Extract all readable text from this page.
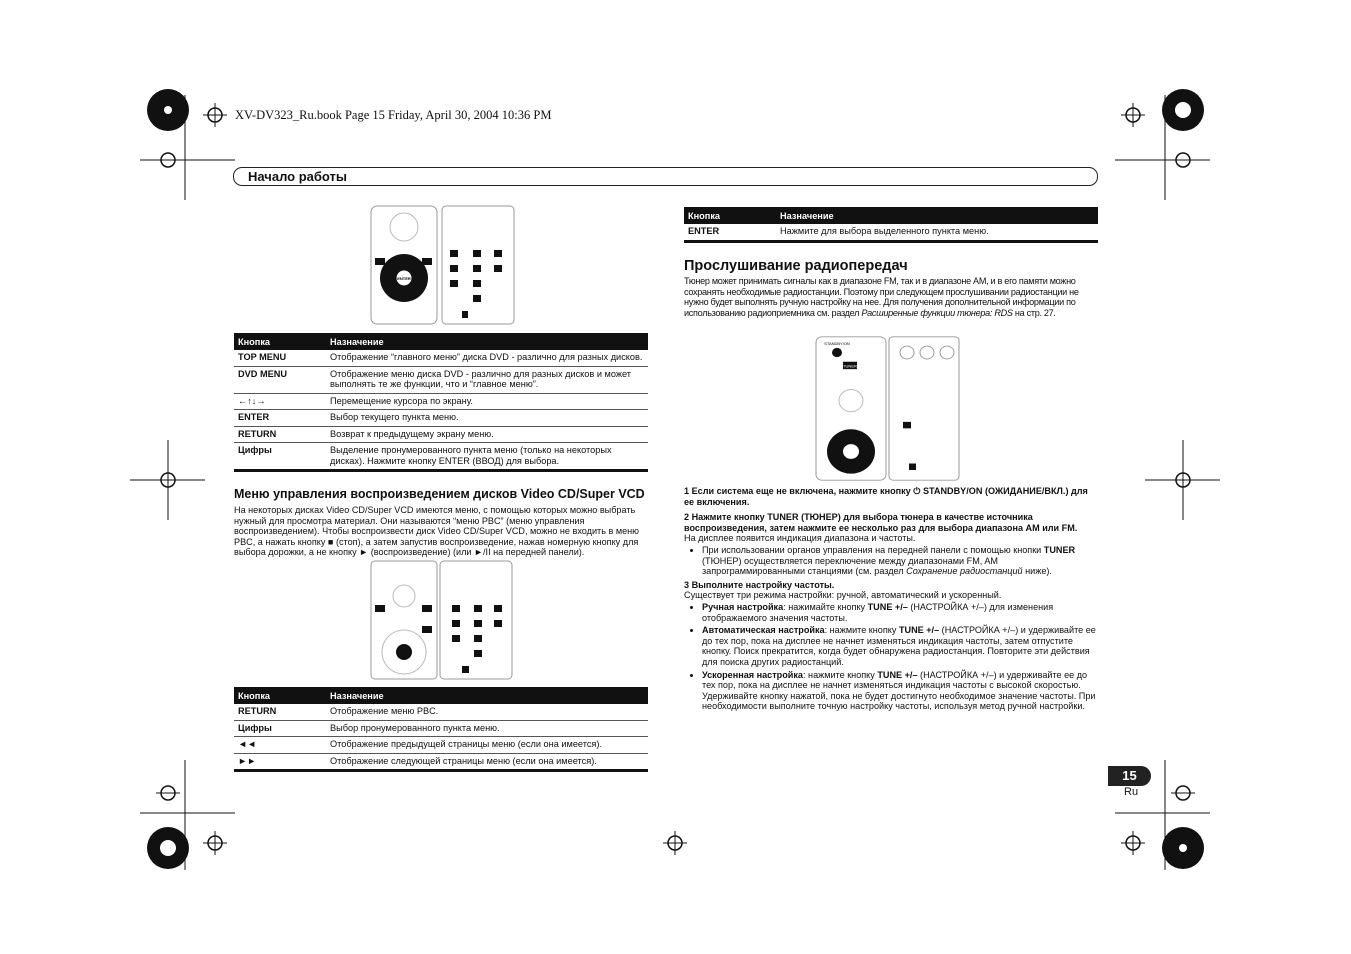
XV-DV323_Ru.book Page 15 Friday, April 30, 2004 10:36 PM
Начало работы
ENTER
Кнопка	Назначение
TOP MENU	Отображение “главного меню” диска DVD - различно для разных дисков.
DVD MENU	Отображение меню диска DVD - различно для разных дисков и может выполнять те же функции, что и “главное меню”.
←↑↓→	Перемещение курсора по экрану.
ENTER	Выбор текущего пункта меню.
RETURN	Возврат к предыдущему экрану меню.
Цифры	Выделение пронумерованного пункта меню (только на некоторых дисках). Нажмите кнопку ENTER (ВВОД) для выбора.
Меню управления воспроизведением дисков Video CD/Super VCD
На некоторых дисках Video CD/Super VCD имеются меню, с помощью которых можно выбрать нужный для просмотра материал. Они называются “меню PBC” (меню управления воспроизведением). Чтобы воспроизвести диск Video CD/Super VCD, можно не входить в меню PBC, а нажать кнопку ■ (стоп), а затем запустив воспроизведение, нажав номерную кнопку для выбора дорожки, а не кнопку ► (воспроизведение) (или ►/II на передней панели).
Кнопка	Назначение
RETURN	Отображение меню PBC.
Цифры	Выбор пронумерованного пункта меню.
◄◄	Отображение предыдущей страницы меню (если она имеется).
►►	Отображение следующей страницы меню (если она имеется).
Кнопка	Назначение
ENTER	Нажмите для выбора выделенного пункта меню.
Прослушивание радиопередач
Тюнер может принимать сигналы как в диапазоне FM, так и в диапазоне AM, и в его памяти можно сохранять необходимые радиостанции. Поэтому при следующем прослушивании радиостанции не нужно будет выполнять ручную настройку на нее. Для получения дополнительной информации по использованию радиоприемника см. раздел Расширенные функции тюнера: RDS на стр. 27.
STANDBY/ON
TUNER
1 Если система еще не включена, нажмите кнопку ⏻ STANDBY/ON (ОЖИДАНИЕ/ВКЛ.) для ее включения.
2 Нажмите кнопку TUNER (ТЮНЕР) для выбора тюнера в качестве источника воспроизведения, затем нажмите ее несколько раз для выбора диапазона AM или FM.
На дисплее появится индикация диапазона и частоты.
• При использовании органов управления на передней панели с помощью кнопки TUNER (ТЮНЕР) осуществляется переключение между диапазонами FM, AM запрограммированными станциями (см. раздел Сохранение радиостанций ниже).
3 Выполните настройку частоты.
Существует три режима настройки: ручной, автоматический и ускоренный.
• Ручная настройка: нажимайте кнопку TUNE +/– (НАСТРОЙКА +/–) для изменения отображаемого значения частоты.
• Автоматическая настройка: нажмите кнопку TUNE +/– (НАСТРОЙКА +/–) и удерживайте ее до тех пор, пока на дисплее не начнет изменяться индикация частоты, затем отпустите кнопку. Поиск прекратится, когда будет обнаружена радиостанция. Повторите эти действия для поиска других радиостанций.
• Ускоренная настройка: нажмите кнопку TUNE +/– (НАСТРОЙКА +/–) и удерживайте ее до тех пор, пока на дисплее не начнет изменяться индикация частоты с высокой скоростью. Удерживайте кнопку нажатой, пока не будет достигнуто необходимое значение частоты. При необходимости выполните точную настройку частоты, используя метод ручной настройки.
15
Ru
